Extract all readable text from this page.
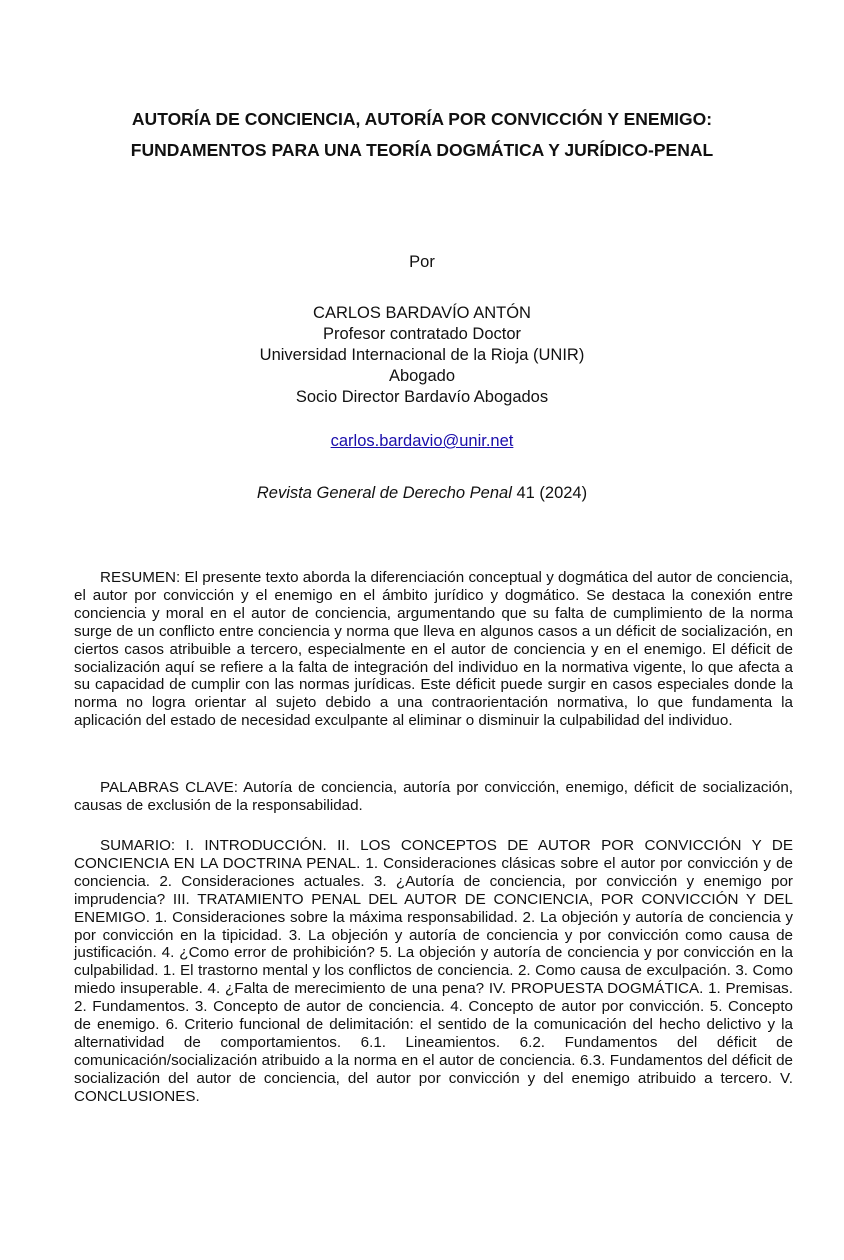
AUTORÍA DE CONCIENCIA, AUTORÍA POR CONVICCIÓN Y ENEMIGO:
FUNDAMENTOS PARA UNA TEORÍA DOGMÁTICA Y JURÍDICO-PENAL
Por
CARLOS BARDAVÍO ANTÓN
Profesor contratado Doctor
Universidad Internacional de la Rioja (UNIR)
Abogado
Socio Director Bardavío Abogados
carlos.bardavio@unir.net
Revista General de Derecho Penal 41 (2024)

RESUMEN: El presente texto aborda la diferenciación conceptual y dogmática del autor de conciencia, el autor por convicción y el enemigo en el ámbito jurídico y dogmático. Se destaca la conexión entre conciencia y moral en el autor de conciencia, argumentando que su falta de cumplimiento de la norma surge de un conflicto entre conciencia y norma que lleva en algunos casos a un déficit de socialización, en ciertos casos atribuible a tercero, especialmente en el autor de conciencia y en el enemigo. El déficit de socialización aquí se refiere a la falta de integración del individuo en la normativa vigente, lo que afecta a su capacidad de cumplir con las normas jurídicas. Este déficit puede surgir en casos especiales donde la norma no logra orientar al sujeto debido a una contraorientación normativa, lo que fundamenta la aplicación del estado de necesidad exculpante al eliminar o disminuir la culpabilidad del individuo.

PALABRAS CLAVE: Autoría de conciencia, autoría por convicción, enemigo, déficit de socialización, causas de exclusión de la responsabilidad.

SUMARIO: I. INTRODUCCIÓN. II. LOS CONCEPTOS DE AUTOR POR CONVICCIÓN Y DE CONCIENCIA EN LA DOCTRINA PENAL. 1. Consideraciones clásicas sobre el autor por convicción y de conciencia. 2. Consideraciones actuales. 3. ¿Autoría de conciencia, por convicción y enemigo por imprudencia? III. TRATAMIENTO PENAL DEL AUTOR DE CONCIENCIA, POR CONVICCIÓN Y DEL ENEMIGO. 1. Consideraciones sobre la máxima responsabilidad. 2. La objeción y autoría de conciencia y por convicción en la tipicidad. 3. La objeción y autoría de conciencia y por convicción como causa de justificación. 4. ¿Como error de prohibición? 5. La objeción y autoría de conciencia y por convicción en la culpabilidad. 1. El trastorno mental y los conflictos de conciencia. 2. Como causa de exculpación. 3. Como miedo insuperable. 4. ¿Falta de merecimiento de una pena? IV. PROPUESTA DOGMÁTICA. 1. Premisas. 2. Fundamentos. 3. Concepto de autor de conciencia. 4. Concepto de autor por convicción. 5. Concepto de enemigo. 6. Criterio funcional de delimitación: el sentido de la comunicación del hecho delictivo y la alternatividad de comportamientos. 6.1. Lineamientos. 6.2. Fundamentos del déficit de comunicación/socialización atribuido a la norma en el autor de conciencia. 6.3. Fundamentos del déficit de socialización del autor de conciencia, del autor por convicción y del enemigo atribuido a tercero. V. CONCLUSIONES.
